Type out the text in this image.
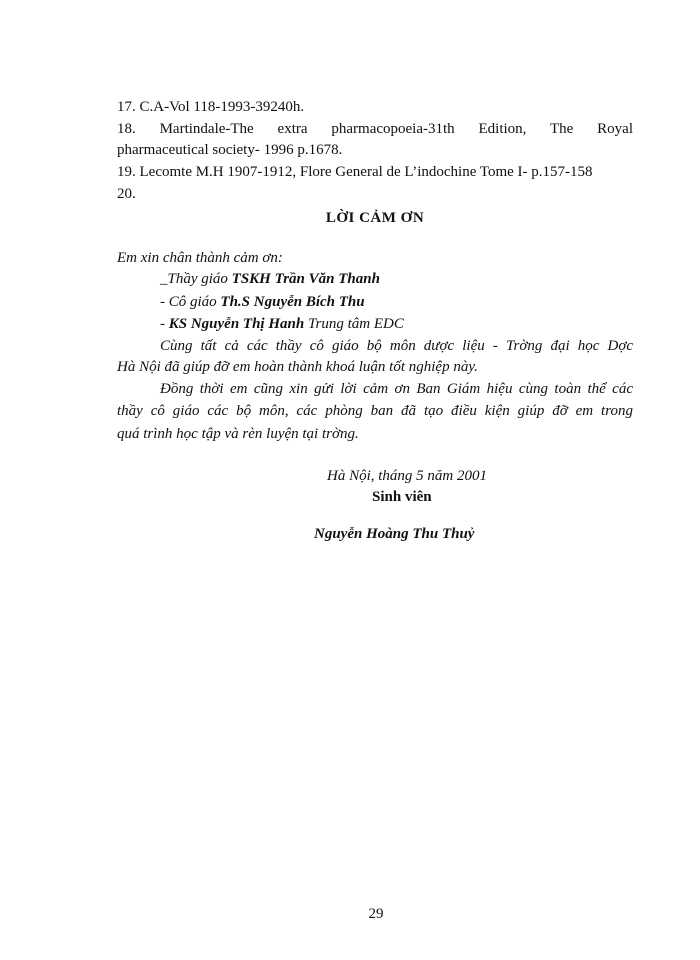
17. C.A-Vol 118-1993-39240h.
18. Martindale-The extra pharmacopoeia-31th Edition, The Royal
pharmaceutical society- 1996 p.1678.
19. Lecomte M.H 1907-1912, Flore General de L’indochine Tome I- p.157-158
20.
LỜI CẢM ƠN
Em xin chân thành cảm ơn:
_Thầy giáo TSKH Trần Văn Thanh
- Cô giáo Th.S Nguyễn Bích Thu
- KS Nguyễn Thị Hanh Trung tâm EDC
Cùng tất cả các thầy cô giáo bộ môn dược liệu - Trờng đại học Dợc
Hà Nội đã giúp đỡ em hoàn thành khoá luận tốt nghiệp này.
Đồng thời em cũng xin gửi lời cảm ơn Ban Giám hiệu cùng toàn thể các
thầy cô giáo các bộ môn, các phòng ban đã tạo điều kiện giúp đỡ em trong
quá trình học tập và rèn luyện tại trờng.
Hà Nội, tháng 5 năm 2001
Sinh viên
Nguyễn Hoàng Thu Thuỷ
29
